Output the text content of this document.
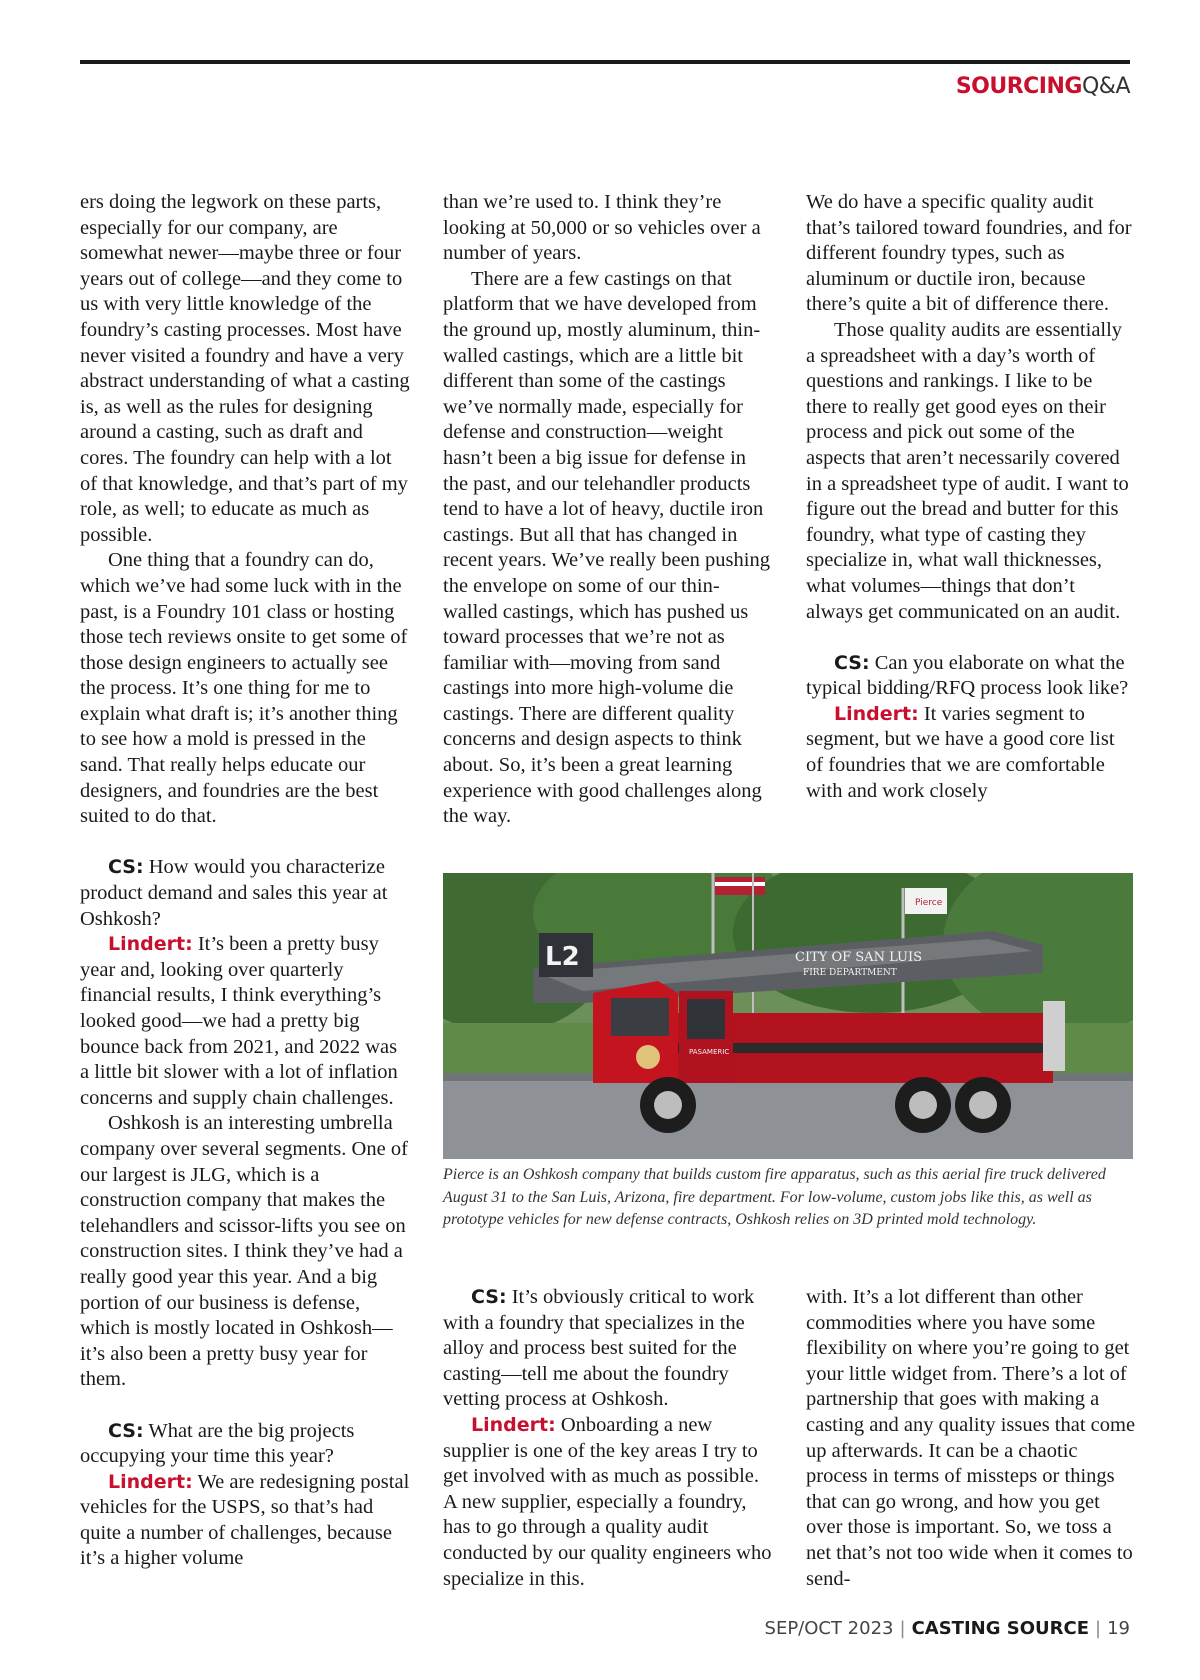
SOURCINGQ&A

ers doing the legwork on these parts, especially for our company, are somewhat newer—maybe three or four years out of college—and they come to us with very little knowledge of the foundry’s casting processes. Most have never visited a foundry and have a very abstract understanding of what a casting is, as well as the rules for designing around a casting, such as draft and cores. The foundry can help with a lot of that knowledge, and that’s part of my role, as well; to educate as much as possible.

One thing that a foundry can do, which we’ve had some luck with in the past, is a Foundry 101 class or hosting those tech reviews onsite to get some of those design engineers to actually see the process. It’s one thing for me to explain what draft is; it’s another thing to see how a mold is pressed in the sand. That really helps educate our designers, and foundries are the best suited to do that.

CS: How would you characterize product demand and sales this year at Oshkosh?

Lindert: It’s been a pretty busy year and, looking over quarterly financial results, I think everything’s looked good—we had a pretty big bounce back from 2021, and 2022 was a little bit slower with a lot of inflation concerns and supply chain challenges.

Oshkosh is an interesting umbrella company over several segments. One of our largest is JLG, which is a construction company that makes the telehandlers and scissor-lifts you see on construction sites. I think they’ve had a really good year this year. And a big portion of our business is defense, which is mostly located in Oshkosh—it’s also been a pretty busy year for them.

CS: What are the big projects occupying your time this year?

Lindert: We are redesigning postal vehicles for the USPS, so that’s had quite a number of challenges, because it’s a higher volume

than we’re used to. I think they’re looking at 50,000 or so vehicles over a number of years.

There are a few castings on that platform that we have developed from the ground up, mostly aluminum, thin-walled castings, which are a little bit different than some of the castings we’ve normally made, especially for defense and construction—weight hasn’t been a big issue for defense in the past, and our telehandler products tend to have a lot of heavy, ductile iron castings. But all that has changed in recent years. We’ve really been pushing the envelope on some of our thin-walled castings, which has pushed us toward processes that we’re not as familiar with—moving from sand castings into more high-volume die castings. There are different quality concerns and design aspects to think about. So, it’s been a great learning experience with good challenges along the way.

We do have a specific quality audit that’s tailored toward foundries, and for different foundry types, such as aluminum or ductile iron, because there’s quite a bit of difference there.

Those quality audits are essentially a spreadsheet with a day’s worth of questions and rankings. I like to be there to really get good eyes on their process and pick out some of the aspects that aren’t necessarily covered in a spreadsheet type of audit. I want to figure out the bread and butter for this foundry, what type of casting they specialize in, what wall thicknesses, what volumes—things that don’t always get communicated on an audit.

CS: Can you elaborate on what the typical bidding/RFQ process look like?

Lindert: It varies segment to segment, but we have a good core list of foundries that we are comfortable with and work closely

Pierce
L2	CITY OF SAN LUIS
FIRE DEPARTMENT
PASAMERIC
Pierce is an Oshkosh company that builds custom fire apparatus, such as this aerial fire truck delivered August 31 to the San Luis, Arizona, fire department. For low-volume, custom jobs like this, as well as prototype vehicles for new defense contracts, Oshkosh relies on 3D printed mold technology.

CS: It’s obviously critical to work with a foundry that specializes in the alloy and process best suited for the casting—tell me about the foundry vetting process at Oshkosh.

Lindert: Onboarding a new supplier is one of the key areas I try to get involved with as much as possible. A new supplier, especially a foundry, has to go through a quality audit conducted by our quality engineers who specialize in this.

with. It’s a lot different than other commodities where you have some flexibility on where you’re going to get your little widget from. There’s a lot of partnership that goes with making a casting and any quality issues that come up afterwards. It can be a chaotic process in terms of missteps or things that can go wrong, and how you get over those is important. So, we toss a net that’s not too wide when it comes to send-

SEP/OCT 2023 | CASTING SOURCE | 19
